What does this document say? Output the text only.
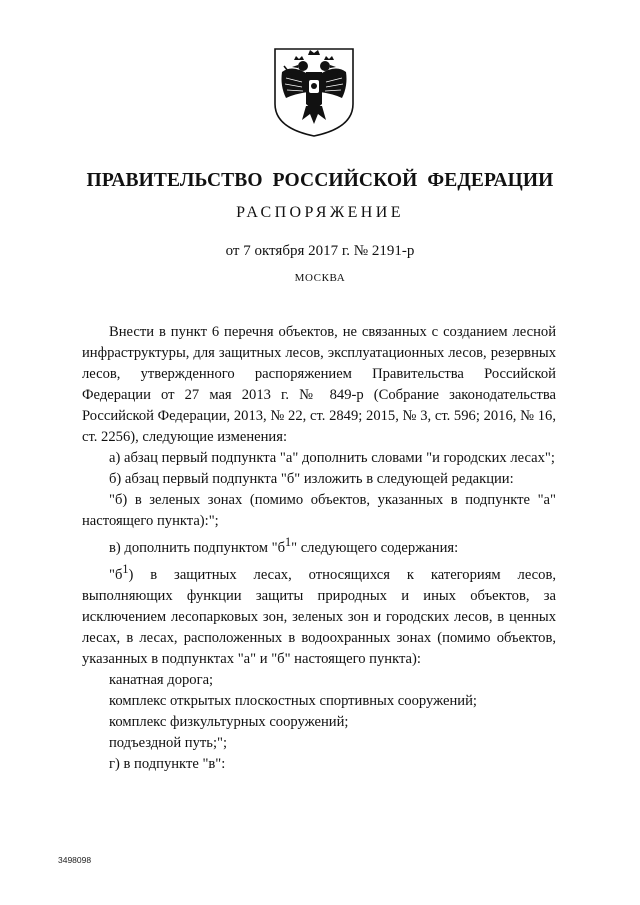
ПРАВИТЕЛЬСТВО РОССИЙСКОЙ ФЕДЕРАЦИИ
РАСПОРЯЖЕНИЕ
от 7 октября 2017 г. № 2191-р
МОСКВА

Внести в пункт 6 перечня объектов, не связанных с созданием лесной инфраструктуры, для защитных лесов, эксплуатационных лесов, резервных лесов, утвержденного распоряжением Правительства Российской Федерации от 27 мая 2013 г. № 849-р (Собрание законодательства Российской Федерации, 2013, № 22, ст. 2849; 2015, № 3, ст. 596; 2016, № 16, ст. 2256), следующие изменения:

а) абзац первый подпункта "а" дополнить словами "и городских лесах";

б) абзац первый подпункта "б" изложить в следующей редакции:

"б) в зеленых зонах (помимо объектов, указанных в подпункте "а" настоящего пункта):";

в) дополнить подпунктом "$б^1$" следующего содержания:

"$б^1$) в защитных лесах, относящихся к категориям лесов, выполняющих функции защиты природных и иных объектов, за исключением лесопарковых зон, зеленых зон и городских лесов, в ценных лесах, в лесах, расположенных в водоохранных зонах (помимо объектов, указанных в подпунктах "а" и "б" настоящего пункта):

канатная дорога;

комплекс открытых плоскостных спортивных сооружений;

комплекс физкультурных сооружений;

подъездной путь;";

г) в подпункте "в":

3498098
